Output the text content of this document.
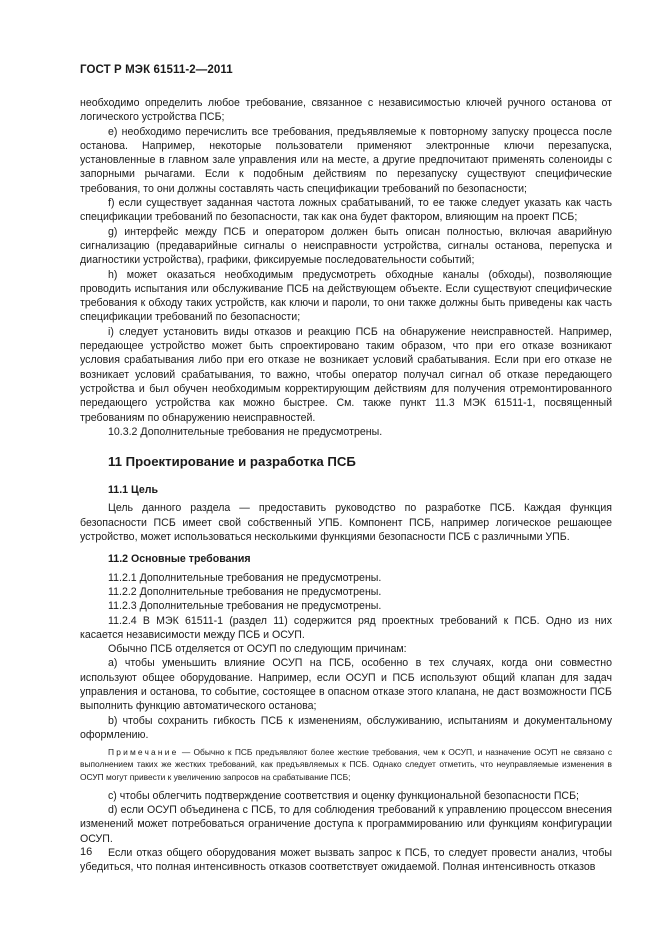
ГОСТ Р МЭК 61511-2—2011

необходимо определить любое требование, связанное с независимостью ключей ручного останова от логического устройства ПСБ;

е) необходимо перечислить все требования, предъявляемые к повторному запуску процесса после останова. Например, некоторые пользователи применяют электронные ключи перезапуска, установленные в главном зале управления или на месте, а другие предпочитают применять соленоиды с запорными рычагами. Если к подобным действиям по перезапуску существуют специфические требования, то они должны составлять часть спецификации требований по безопасности;

f) если существует заданная частота ложных срабатываний, то ее также следует указать как часть спецификации требований по безопасности, так как она будет фактором, влияющим на проект ПСБ;

g) интерфейс между ПСБ и оператором должен быть описан полностью, включая аварийную сигнализацию (предаварийные сигналы о неисправности устройства, сигналы останова, перепуска и диагностики устройства), графики, фиксируемые последовательности событий;

h) может оказаться необходимым предусмотреть обходные каналы (обходы), позволяющие проводить испытания или обслуживание ПСБ на действующем объекте. Если существуют специфические требования к обходу таких устройств, как ключи и пароли, то они также должны быть приведены как часть спецификации требований по безопасности;

i) следует установить виды отказов и реакцию ПСБ на обнаружение неисправностей. Например, передающее устройство может быть спроектировано таким образом, что при его отказе возникают условия срабатывания либо при его отказе не возникает условий срабатывания. Если при его отказе не возникает условий срабатывания, то важно, чтобы оператор получал сигнал об отказе передающего устройства и был обучен необходимым корректирующим действиям для получения отремонтированного передающего устройства как можно быстрее. См. также пункт 11.3 МЭК 61511-1, посвященный требованиям по обнаружению неисправностей.

10.3.2 Дополнительные требования не предусмотрены.

11 Проектирование и разработка ПСБ
11.1 Цель

Цель данного раздела — предоставить руководство по разработке ПСБ. Каждая функция безопасности ПСБ имеет свой собственный УПБ. Компонент ПСБ, например логическое решающее устройство, может использоваться несколькими функциями безопасности ПСБ с различными УПБ.

11.2 Основные требования

11.2.1 Дополнительные требования не предусмотрены.

11.2.2 Дополнительные требования не предусмотрены.

11.2.3 Дополнительные требования не предусмотрены.

11.2.4 В МЭК 61511-1 (раздел 11) содержится ряд проектных требований к ПСБ. Одно из них касается независимости между ПСБ и ОСУП.

Обычно ПСБ отделяется от ОСУП по следующим причинам:

а) чтобы уменьшить влияние ОСУП на ПСБ, особенно в тех случаях, когда они совместно используют общее оборудование. Например, если ОСУП и ПСБ используют общий клапан для задач управления и останова, то событие, состоящее в опасном отказе этого клапана, не даст возможности ПСБ выполнить функцию автоматического останова;

b) чтобы сохранить гибкость ПСБ к изменениям, обслуживанию, испытаниям и документальному оформлению.

Примечание — Обычно к ПСБ предъявляют более жесткие требования, чем к ОСУП, и назначение ОСУП не связано с выполнением таких же жестких требований, как предъявляемых к ПСБ. Однако следует отметить, что неуправляемые изменения в ОСУП могут привести к увеличению запросов на срабатывание ПСБ;

с) чтобы облегчить подтверждение соответствия и оценку функциональной безопасности ПСБ;

d) если ОСУП объединена с ПСБ, то для соблюдения требований к управлению процессом внесения изменений может потребоваться ограничение доступа к программированию или функциям конфигурации ОСУП.

Если отказ общего оборудования может вызвать запрос к ПСБ, то следует провести анализ, чтобы убедиться, что полная интенсивность отказов соответствует ожидаемой. Полная интенсивность отказов

16
